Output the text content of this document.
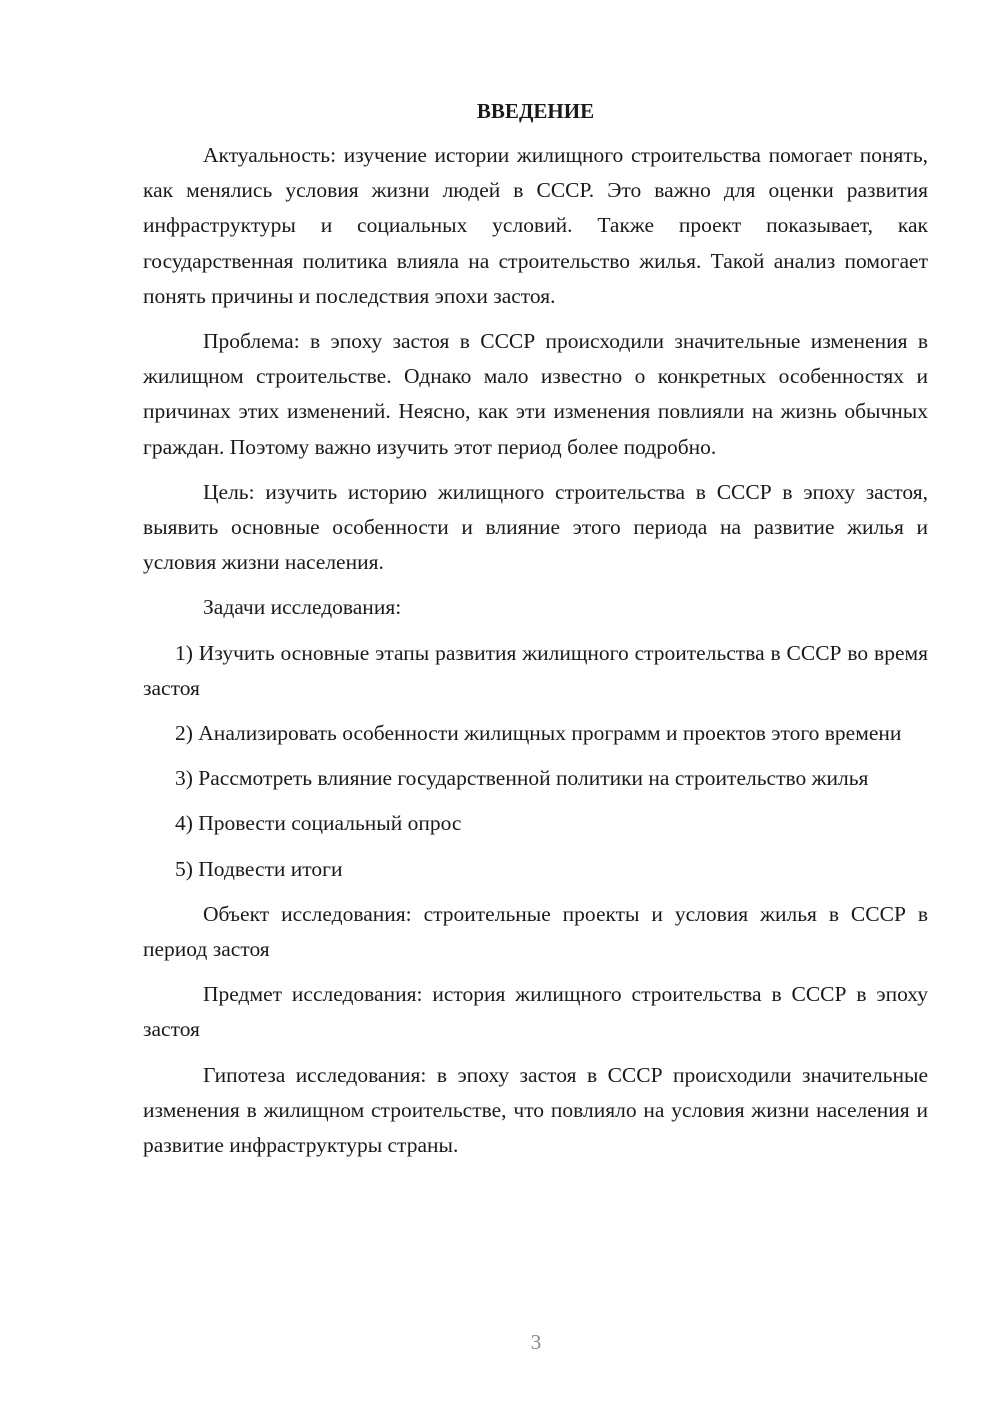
ВВЕДЕНИЕ

Актуальность: изучение истории жилищного строительства помогает понять, как менялись условия жизни людей в СССР. Это важно для оценки развития инфраструктуры и социальных условий. Также проект показывает, как государственная политика влияла на строительство жилья. Такой анализ помогает понять причины и последствия эпохи застоя.

Проблема: в эпоху застоя в СССР происходили значительные изменения в жилищном строительстве. Однако мало известно о конкретных особенностях и причинах этих изменений. Неясно, как эти изменения повлияли на жизнь обычных граждан. Поэтому важно изучить этот период более подробно.

Цель: изучить историю жилищного строительства в СССР в эпоху застоя, выявить основные особенности и влияние этого периода на развитие жилья и условия жизни населения.

Задачи исследования:

1) Изучить основные этапы развития жилищного строительства в СССР во время застоя

2) Анализировать особенности жилищных программ и проектов этого времени

3) Рассмотреть влияние государственной политики на строительство жилья

4) Провести социальный опрос

5) Подвести итоги

Объект исследования: строительные проекты и условия жилья в СССР в период застоя

Предмет исследования: история жилищного строительства в СССР в эпоху застоя

Гипотеза исследования: в эпоху застоя в СССР происходили значительные изменения в жилищном строительстве, что повлияло на условия жизни населения и развитие инфраструктуры страны.

3
